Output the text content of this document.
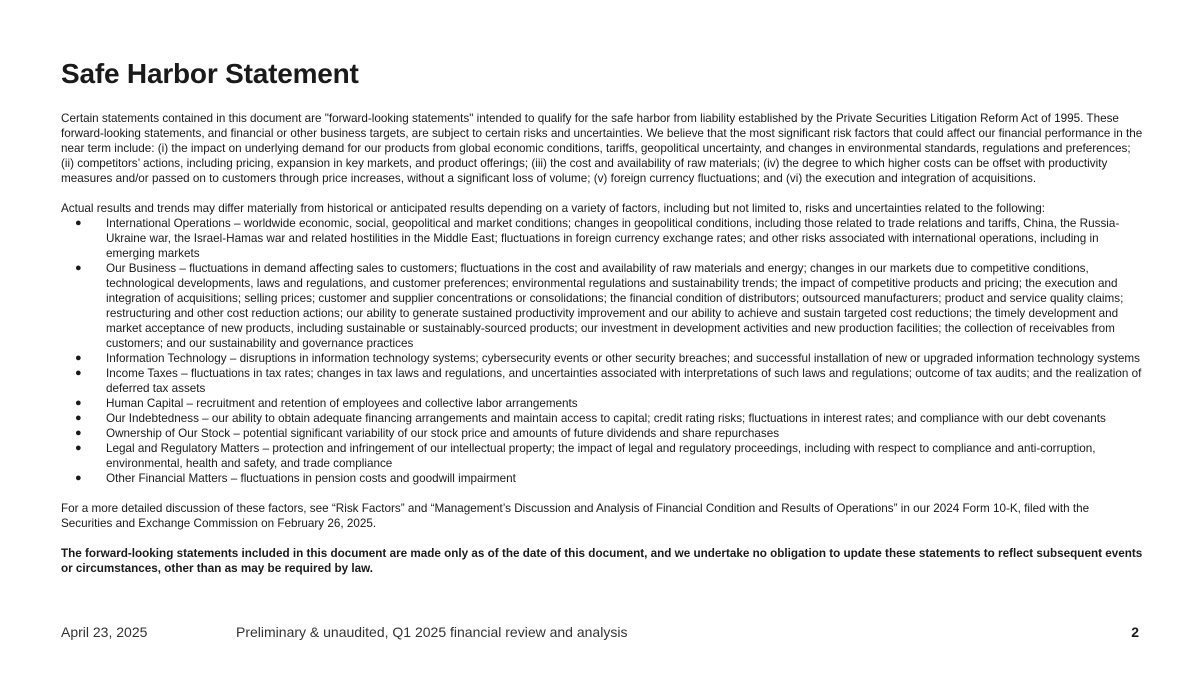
Safe Harbor Statement

Certain statements contained in this document are "forward-looking statements" intended to qualify for the safe harbor from liability established by the Private Securities Litigation Reform Act of 1995. These forward-looking statements, and financial or other business targets, are subject to certain risks and uncertainties. We believe that the most significant risk factors that could affect our financial performance in the near term include: (i) the impact on underlying demand for our products from global economic conditions, tariffs, geopolitical uncertainty, and changes in environmental standards, regulations and preferences; (ii) competitors’ actions, including pricing, expansion in key markets, and product offerings; (iii) the cost and availability of raw materials; (iv) the degree to which higher costs can be offset with productivity measures and/or passed on to customers through price increases, without a significant loss of volume; (v) foreign currency fluctuations; and (vi) the execution and integration of acquisitions.

Actual results and trends may differ materially from historical or anticipated results depending on a variety of factors, including but not limited to, risks and uncertainties related to the following:

● International Operations – worldwide economic, social, geopolitical and market conditions; changes in geopolitical conditions, including those related to trade relations and tariffs, China, the Russia-Ukraine war, the Israel-Hamas war and related hostilities in the Middle East; fluctuations in foreign currency exchange rates; and other risks associated with international operations, including in emerging markets
● Our Business – fluctuations in demand affecting sales to customers; fluctuations in the cost and availability of raw materials and energy; changes in our markets due to competitive conditions, technological developments, laws and regulations, and customer preferences; environmental regulations and sustainability trends; the impact of competitive products and pricing; the execution and integration of acquisitions; selling prices; customer and supplier concentrations or consolidations; the financial condition of distributors; outsourced manufacturers; product and service quality claims; restructuring and other cost reduction actions; our ability to generate sustained productivity improvement and our ability to achieve and sustain targeted cost reductions; the timely development and market acceptance of new products, including sustainable or sustainably-sourced products; our investment in development activities and new production facilities; the collection of receivables from customers; and our sustainability and governance practices
● Information Technology – disruptions in information technology systems; cybersecurity events or other security breaches; and successful installation of new or upgraded information technology systems
● Income Taxes – fluctuations in tax rates; changes in tax laws and regulations, and uncertainties associated with interpretations of such laws and regulations; outcome of tax audits; and the realization of deferred tax assets
● Human Capital – recruitment and retention of employees and collective labor arrangements
● Our Indebtedness – our ability to obtain adequate financing arrangements and maintain access to capital; credit rating risks; fluctuations in interest rates; and compliance with our debt covenants
● Ownership of Our Stock – potential significant variability of our stock price and amounts of future dividends and share repurchases
● Legal and Regulatory Matters – protection and infringement of our intellectual property; the impact of legal and regulatory proceedings, including with respect to compliance and anti-corruption, environmental, health and safety, and trade compliance
● Other Financial Matters – fluctuations in pension costs and goodwill impairment

For a more detailed discussion of these factors, see “Risk Factors” and “Management’s Discussion and Analysis of Financial Condition and Results of Operations” in our 2024 Form 10-K, filed with the Securities and Exchange Commission on February 26, 2025.

The forward-looking statements included in this document are made only as of the date of this document, and we undertake no obligation to update these statements to reflect subsequent events or circumstances, other than as may be required by law.

April 23, 2025	Preliminary & unaudited, Q1 2025 financial review and analysis	2
